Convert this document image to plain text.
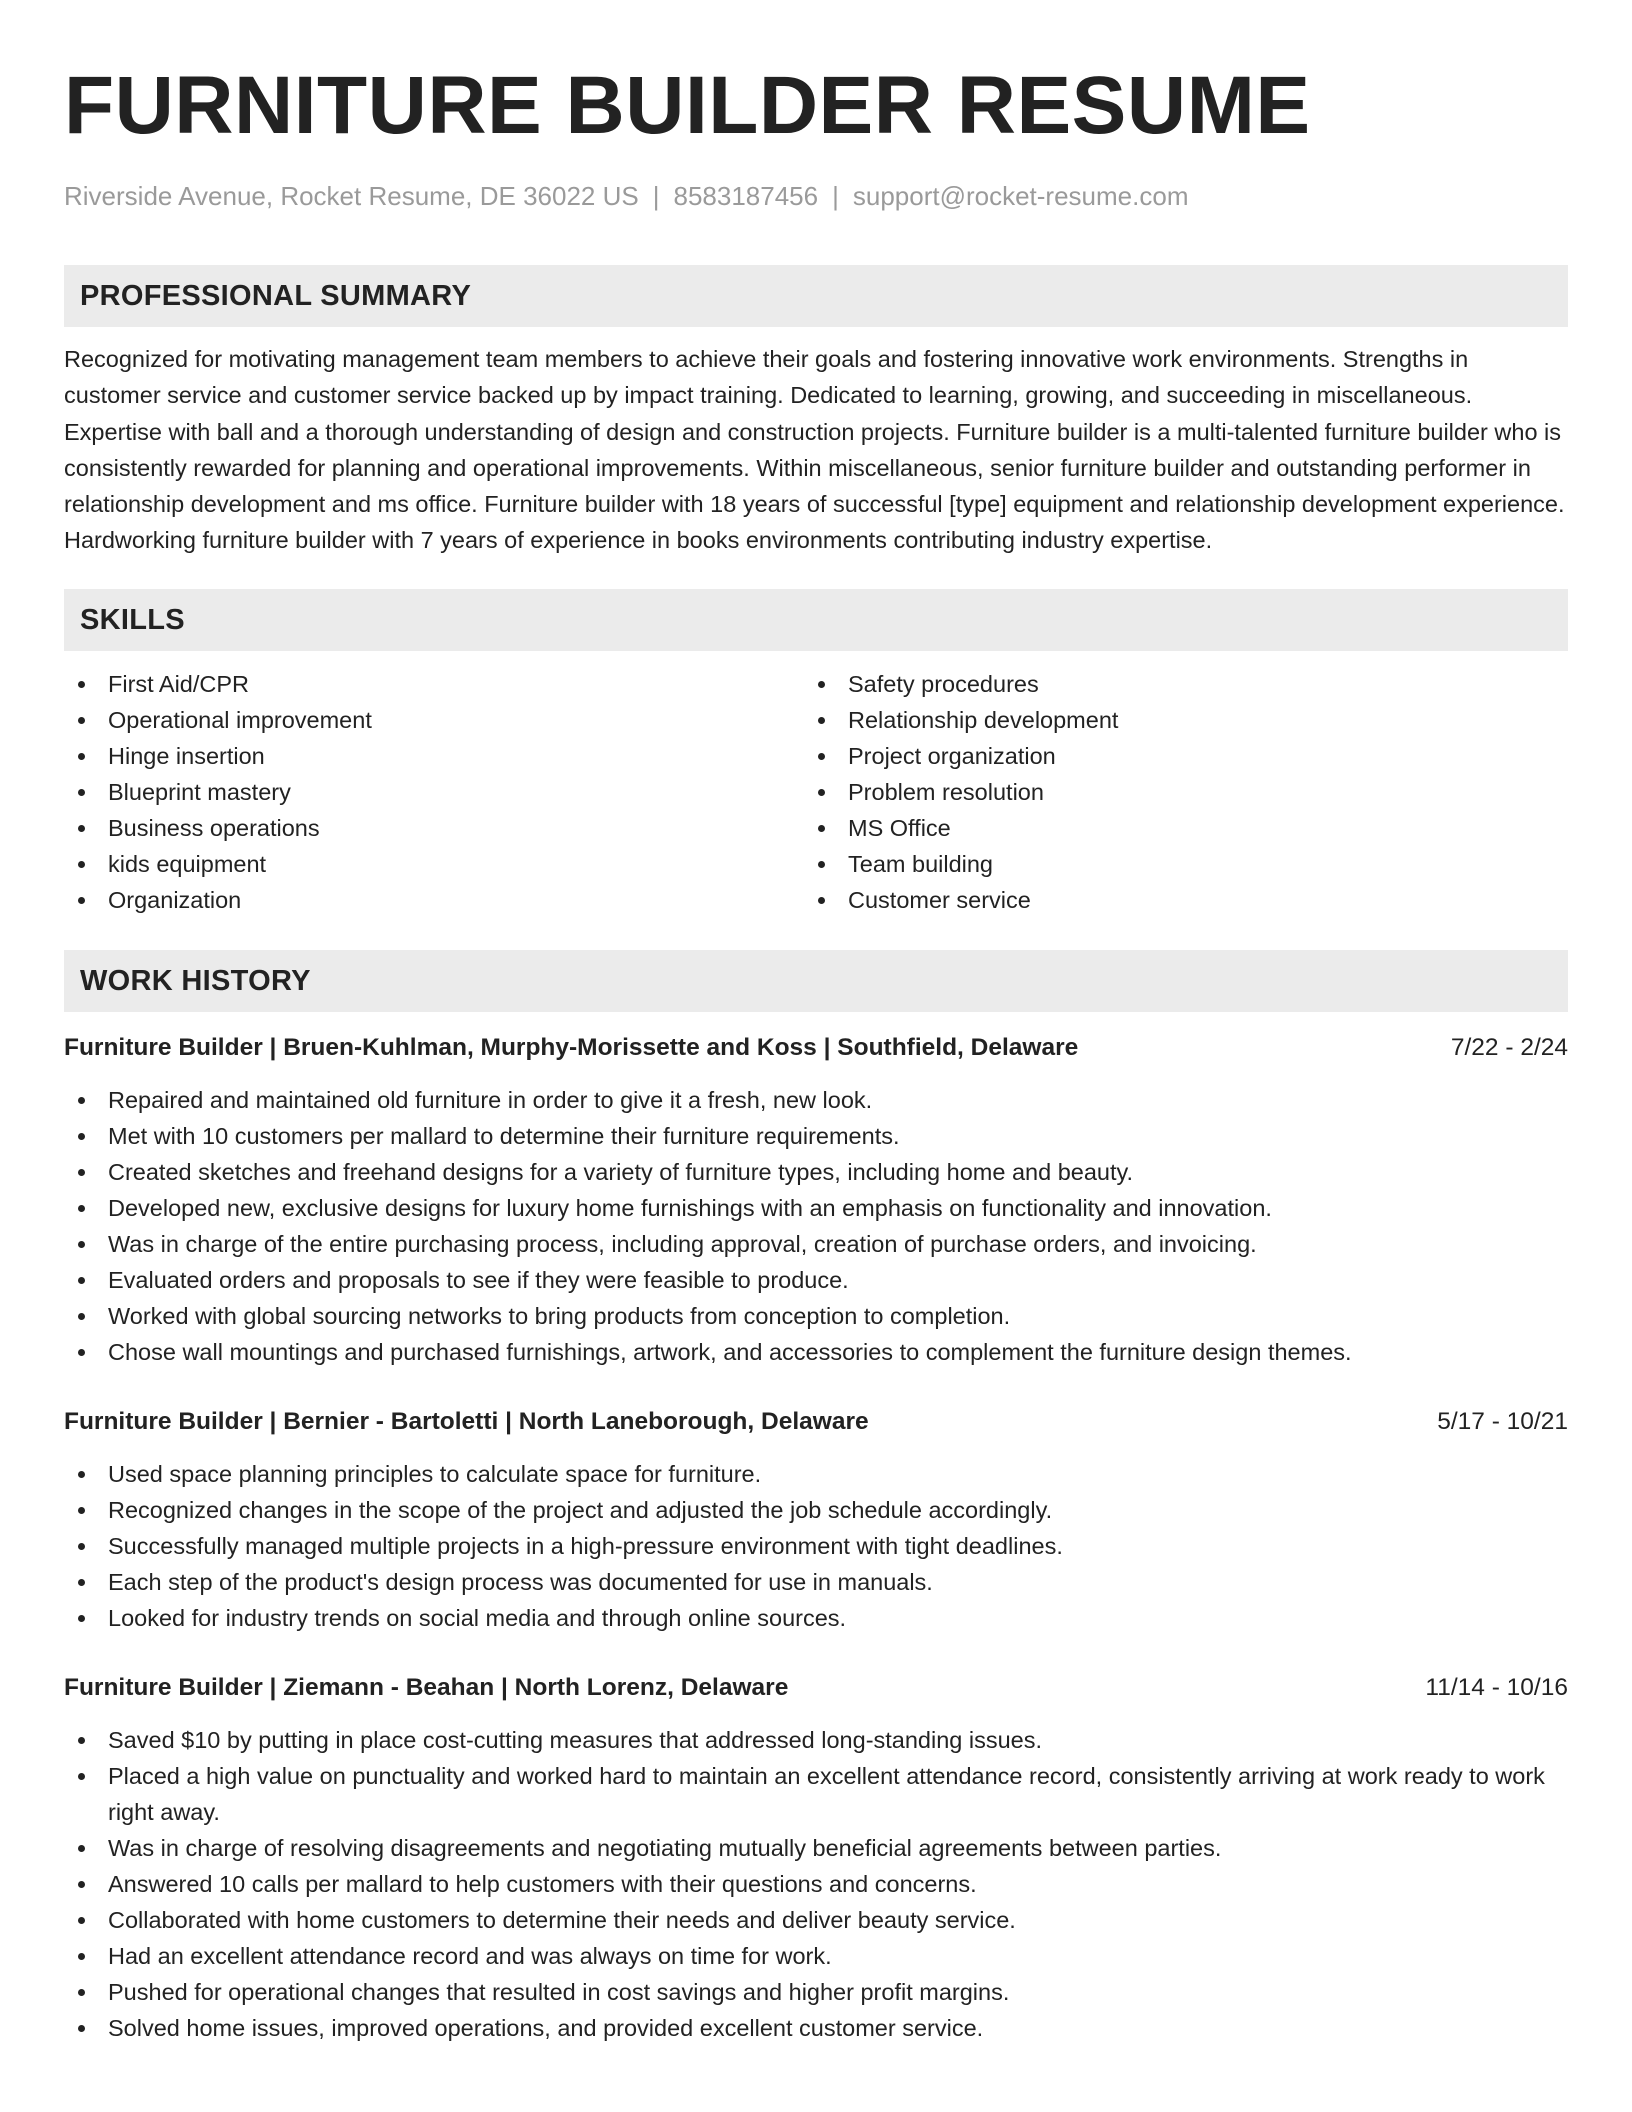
FURNITURE BUILDER RESUME
Riverside Avenue, Rocket Resume, DE 36022 US | 8583187456 | support@rocket-resume.com
PROFESSIONAL SUMMARY

Recognized for motivating management team members to achieve their goals and fostering innovative work environments. Strengths in customer service and customer service backed up by impact training. Dedicated to learning, growing, and succeeding in miscellaneous. Expertise with ball and a thorough understanding of design and construction projects. Furniture builder is a multi-talented furniture builder who is consistently rewarded for planning and operational improvements. Within miscellaneous, senior furniture builder and outstanding performer in relationship development and ms office. Furniture builder with 18 years of successful [type] equipment and relationship development experience. Hardworking furniture builder with 7 years of experience in books environments contributing industry expertise.

SKILLS
First Aid/CPR
Operational improvement
Hinge insertion
Blueprint mastery
Business operations
kids equipment
Organization
Safety procedures
Relationship development
Project organization
Problem resolution
MS Office
Team building
Customer service
WORK HISTORY
Furniture Builder | Bruen-Kuhlman, Murphy-Morissette and Koss | Southfield, Delaware	7/22 - 2/24
Repaired and maintained old furniture in order to give it a fresh, new look.
Met with 10 customers per mallard to determine their furniture requirements.
Created sketches and freehand designs for a variety of furniture types, including home and beauty.
Developed new, exclusive designs for luxury home furnishings with an emphasis on functionality and innovation.
Was in charge of the entire purchasing process, including approval, creation of purchase orders, and invoicing.
Evaluated orders and proposals to see if they were feasible to produce.
Worked with global sourcing networks to bring products from conception to completion.
Chose wall mountings and purchased furnishings, artwork, and accessories to complement the furniture design themes.
Furniture Builder | Bernier - Bartoletti | North Laneborough, Delaware	5/17 - 10/21
Used space planning principles to calculate space for furniture.
Recognized changes in the scope of the project and adjusted the job schedule accordingly.
Successfully managed multiple projects in a high-pressure environment with tight deadlines.
Each step of the product's design process was documented for use in manuals.
Looked for industry trends on social media and through online sources.
Furniture Builder | Ziemann - Beahan | North Lorenz, Delaware	11/14 - 10/16
Saved $10 by putting in place cost-cutting measures that addressed long-standing issues.
Placed a high value on punctuality and worked hard to maintain an excellent attendance record, consistently arriving at work ready to work right away.
Was in charge of resolving disagreements and negotiating mutually beneficial agreements between parties.
Answered 10 calls per mallard to help customers with their questions and concerns.
Collaborated with home customers to determine their needs and deliver beauty service.
Had an excellent attendance record and was always on time for work.
Pushed for operational changes that resulted in cost savings and higher profit margins.
Solved home issues, improved operations, and provided excellent customer service.
